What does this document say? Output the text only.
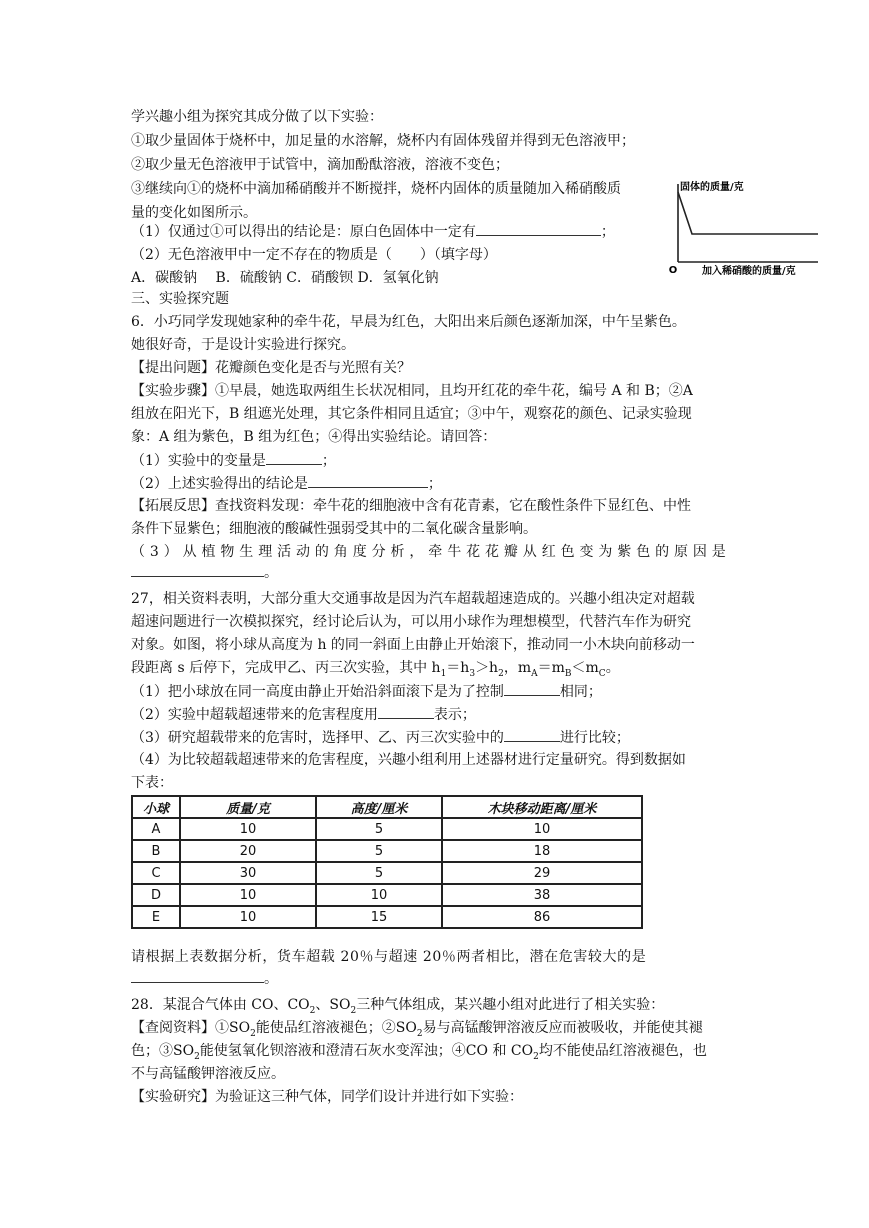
学兴趣小组为探究其成分做了以下实验：
①取少量固体于烧杯中，加足量的水溶解，烧杯内有固体残留并得到无色溶液甲；
②取少量无色溶液甲于试管中，滴加酚酞溶液，溶液不变色；
③继续向①的烧杯中滴加稀硝酸并不断搅拌，烧杯内固体的质量随加入稀硝酸质
量的变化如图所示。
（1）仅通过①可以得出的结论是：原白色固体中一定有	；
（2）无色溶液甲中一定不存在的物质是（　　）（填字母）
A．碳酸钠　 B．硫酸钠 C．硝酸钡 D．氢氧化钠
固体的质量/克
O 加入稀硝酸的质量/克
三、实验探究题
6．小巧同学发现她家种的牵牛花，早晨为红色，大阳出来后颜色逐渐加深，中午呈紫色。
她很好奇，于是设计实验进行探究。
【提出问题】花瓣颜色变化是否与光照有关？
【实验步骤】①早晨，她选取两组生长状况相同，且均开红花的牵牛花，编号 A 和 B；②A
组放在阳光下，B 组遮光处理，其它条件相同且适宜；③中午，观察花的颜色、记录实验现
象：A 组为紫色，B 组为红色；④得出实验结论。请回答：
（1）实验中的变量是	；
（2）上述实验得出的结论是	；
【拓展反思】查找资料发现：牵牛花的细胞液中含有花青素，它在酸性条件下显红色、中性
条件下显紫色；细胞液的酸碱性强弱受其中的二氧化碳含量影响。
（3）从植物生理活动的角度分析，牵牛花花瓣从红色变为紫色的原因是
。
27，相关资料表明，大部分重大交通事故是因为汽车超载超速造成的。兴趣小组决定对超载
超速问题进行一次模拟探究，经讨论后认为，可以用小球作为理想模型，代替汽车作为研究
对象。如图，将小球从高度为 h 的同一斜面上由静止开始滚下，推动同一小木块向前移动一
段距离 s 后停下，完成甲乙、丙三次实验，其中 $h_1=h_3>h_2$，$m_A=m_B<m_C$。
（1）把小球放在同一高度由静止开始沿斜面滚下是为了控制	相同；
（2）实验中超载超速带来的危害程度用	表示；
（3）研究超载带来的危害时，选择甲、乙、丙三次实验中的	进行比较；
（4）为比较超载超速带来的危害程度，兴趣小组利用上述器材进行定量研究。得到数据如
下表：
小球	质量/克	高度/厘米	木块移动距离/厘米
A	10	5	10
B	20	5	18
C	30	5	29
D	10	10	38
E	10	15	86
请根据上表数据分析，货车超载 20％与超速 20％两者相比，潜在危害较大的是
。
28．某混合气体由 CO、$CO_2$、$SO_2$三种气体组成，某兴趣小组对此进行了相关实验：
【查阅资料】$①SO_2$能使品红溶液褪色；$②SO_2$易与高锰酸钾溶液反应而被吸收，并能使其褪
色；$③SO_2$能使氢氧化钡溶液和澄清石灰水变浑浊；④CO 和 $CO_2$均不能使品红溶液褪色，也
不与高锰酸钾溶液反应。
【实验研究】为验证这三种气体，同学们设计并进行如下实验：
